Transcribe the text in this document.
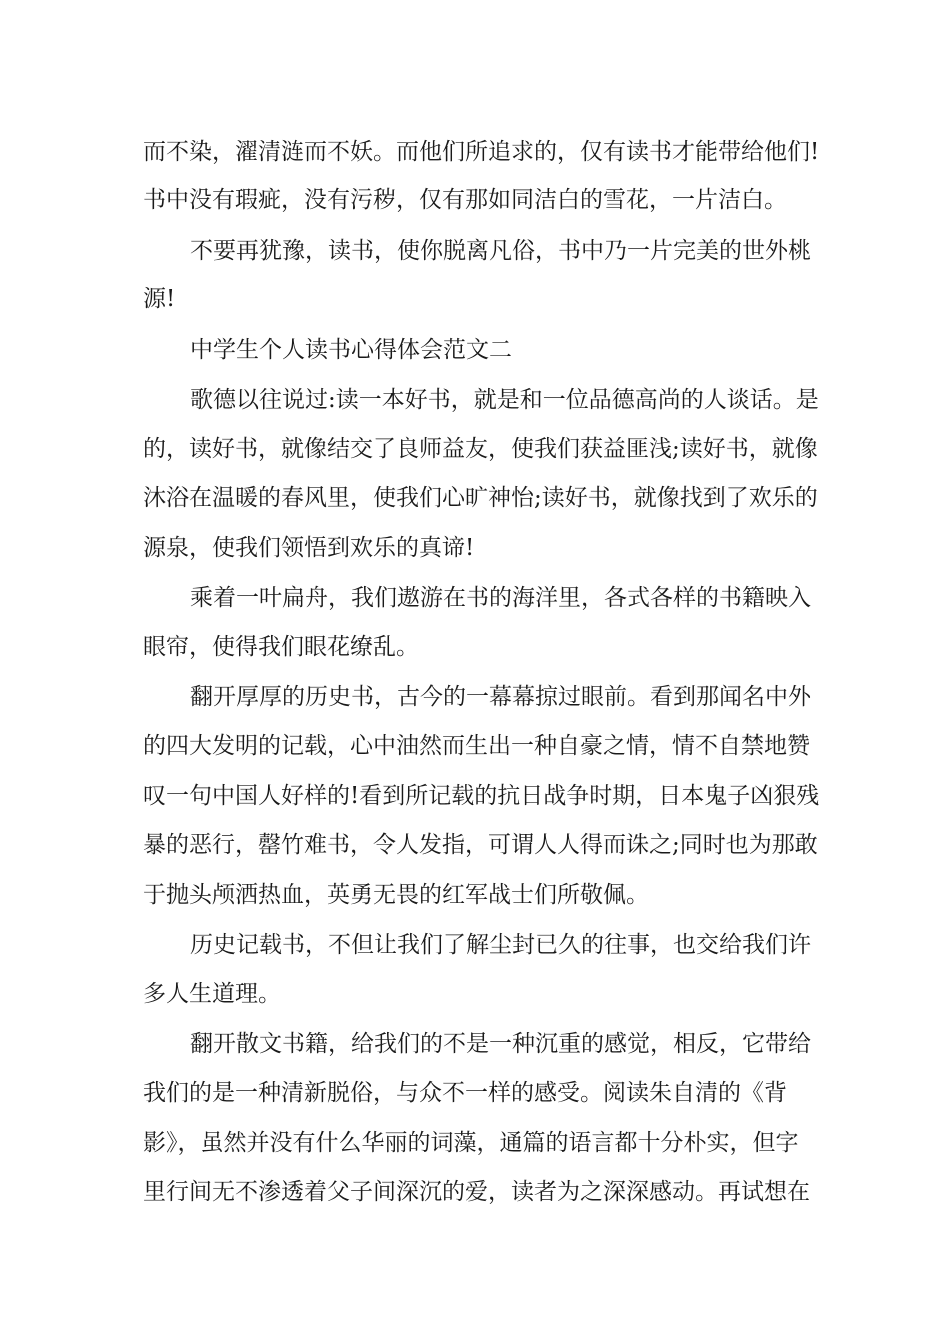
而不染，濯清涟而不妖。而他们所追求的，仅有读书才能带给他们!
书中没有瑕疵，没有污秽，仅有那如同洁白的雪花，一片洁白。
不要再犹豫，读书，使你脱离凡俗，书中乃一片完美的世外桃
源!
中学生个人读书心得体会范文二
歌德以往说过:读一本好书，就是和一位品德高尚的人谈话。是
的，读好书，就像结交了良师益友，使我们获益匪浅;读好书，就像
沐浴在温暖的春风里，使我们心旷神怡;读好书，就像找到了欢乐的
源泉，使我们领悟到欢乐的真谛!
乘着一叶扁舟，我们遨游在书的海洋里，各式各样的书籍映入
眼帘，使得我们眼花缭乱。
翻开厚厚的历史书，古今的一幕幕掠过眼前。看到那闻名中外
的四大发明的记载，心中油然而生出一种自豪之情，情不自禁地赞
叹一句中国人好样的!看到所记载的抗日战争时期，日本鬼子凶狠残
暴的恶行，罄竹难书，令人发指，可谓人人得而诛之;同时也为那敢
于抛头颅洒热血，英勇无畏的红军战士们所敬佩。
历史记载书，不但让我们了解尘封已久的往事，也交给我们许
多人生道理。
翻开散文书籍，给我们的不是一种沉重的感觉，相反，它带给
我们的是一种清新脱俗，与众不一样的感受。阅读朱自清的《背
影》，虽然并没有什么华丽的词藻，通篇的语言都十分朴实，但字
里行间无不渗透着父子间深沉的爱，读者为之深深感动。再试想在
